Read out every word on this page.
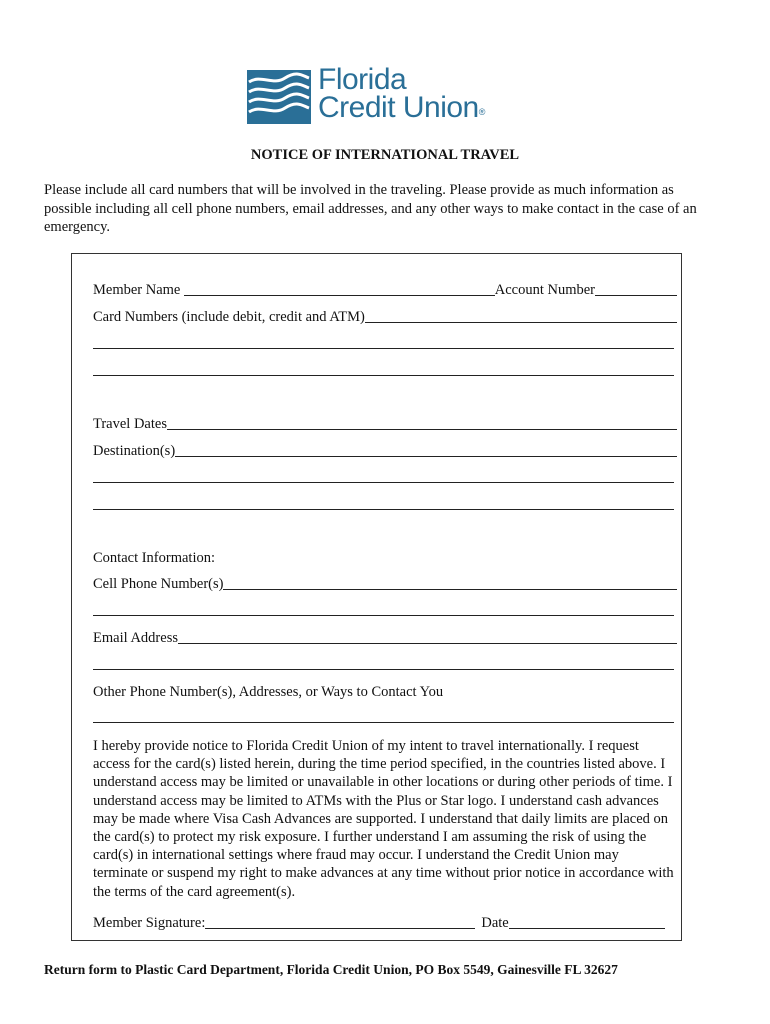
Florida
Credit Union®
NOTICE OF INTERNATIONAL TRAVEL
Please include all card numbers that will be involved in the traveling. Please provide as much information as possible including all cell phone numbers, email addresses, and any other ways to make contact in the case of an emergency.
Member Name	Account Number
Card Numbers (include debit, credit and ATM)
Travel Dates
Destination(s)
Contact Information:
Cell Phone Number(s)
Email Address
Other Phone Number(s), Addresses, or Ways to Contact You
I hereby provide notice to Florida Credit Union of my intent to travel internationally. I request access for the card(s) listed herein, during the time period specified, in the countries listed above. I understand access may be limited or unavailable in other locations or during other periods of time. I understand access may be limited to ATMs with the Plus or Star logo. I understand cash advances may be made where Visa Cash Advances are supported. I understand that daily limits are placed on the card(s) to protect my risk exposure. I further understand I am assuming the risk of using the card(s) in international settings where fraud may occur. I understand the Credit Union may terminate or suspend my right to make advances at any time without prior notice in accordance with the terms of the card agreement(s).
Member Signature:	Date
Return form to Plastic Card Department, Florida Credit Union, PO Box 5549, Gainesville FL 32627
